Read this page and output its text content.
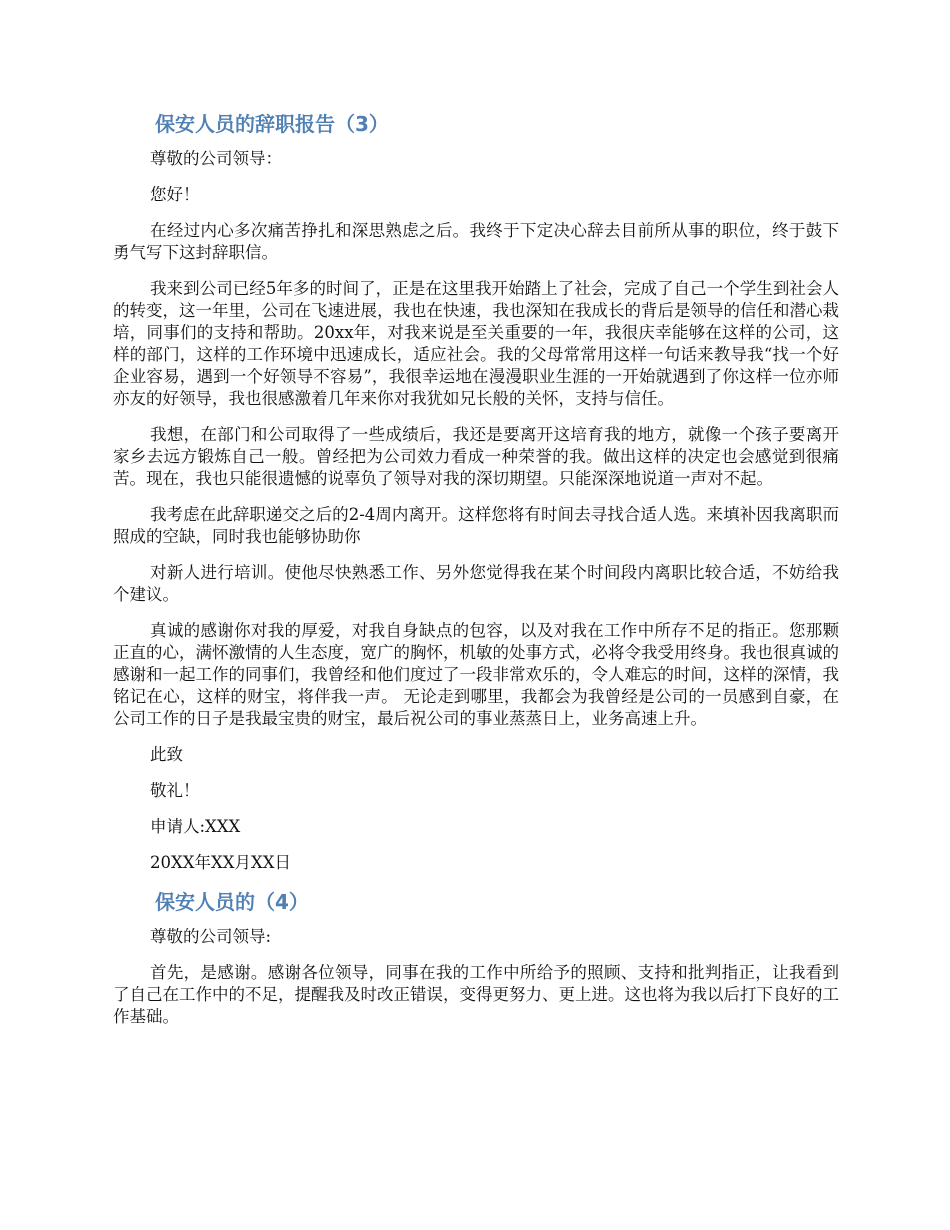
保安人员的辞职报告（3）

尊敬的公司领导：

您好！

在经过内心多次痛苦挣扎和深思熟虑之后。我终于下定决心辞去目前所从事的职位，终于鼓下勇气写下这封辞职信。

我来到公司已经5年多的时间了，正是在这里我开始踏上了社会，完成了自己一个学生到社会人的转变，这一年里，公司在飞速进展，我也在快速，我也深知在我成长的背后是领导的信任和潜心栽培，同事们的支持和帮助。20xx年，对我来说是至关重要的一年，我很庆幸能够在这样的公司，这样的部门，这样的工作环境中迅速成长，适应社会。我的父母常常用这样一句话来教导我“找一个好企业容易，遇到一个好领导不容易”，我很幸运地在漫漫职业生涯的一开始就遇到了你这样一位亦师亦友的好领导，我也很感激着几年来你对我犹如兄长般的关怀，支持与信任。

我想，在部门和公司取得了一些成绩后，我还是要离开这培育我的地方，就像一个孩子要离开家乡去远方锻炼自己一般。曾经把为公司效力看成一种荣誉的我。做出这样的决定也会感觉到很痛苦。现在，我也只能很遗憾的说辜负了领导对我的深切期望。只能深深地说道一声对不起。

我考虑在此辞职递交之后的2-4周内离开。这样您将有时间去寻找合适人选。来填补因我离职而照成的空缺，同时我也能够协助你

对新人进行培训。使他尽快熟悉工作、另外您觉得我在某个时间段内离职比较合适，不妨给我个建议。

真诚的感谢你对我的厚爱，对我自身缺点的包容，以及对我在工作中所存不足的指正。您那颗正直的心，满怀激情的人生态度，宽广的胸怀，机敏的处事方式，必将令我受用终身。我也很真诚的感谢和一起工作的同事们，我曾经和他们度过了一段非常欢乐的，令人难忘的时间，这样的深情，我铭记在心，这样的财宝，将伴我一声。 无论走到哪里，我都会为我曾经是公司的一员感到自豪，在公司工作的日子是我最宝贵的财宝，最后祝公司的事业蒸蒸日上，业务高速上升。

此致

敬礼！

申请人:XXX

20XX年XX月XX日

保安人员的（4）

尊敬的公司领导:

首先，是感谢。感谢各位领导，同事在我的工作中所给予的照顾、支持和批判指正，让我看到了自己在工作中的不足，提醒我及时改正错误，变得更努力、更上进。这也将为我以后打下良好的工作基础。
